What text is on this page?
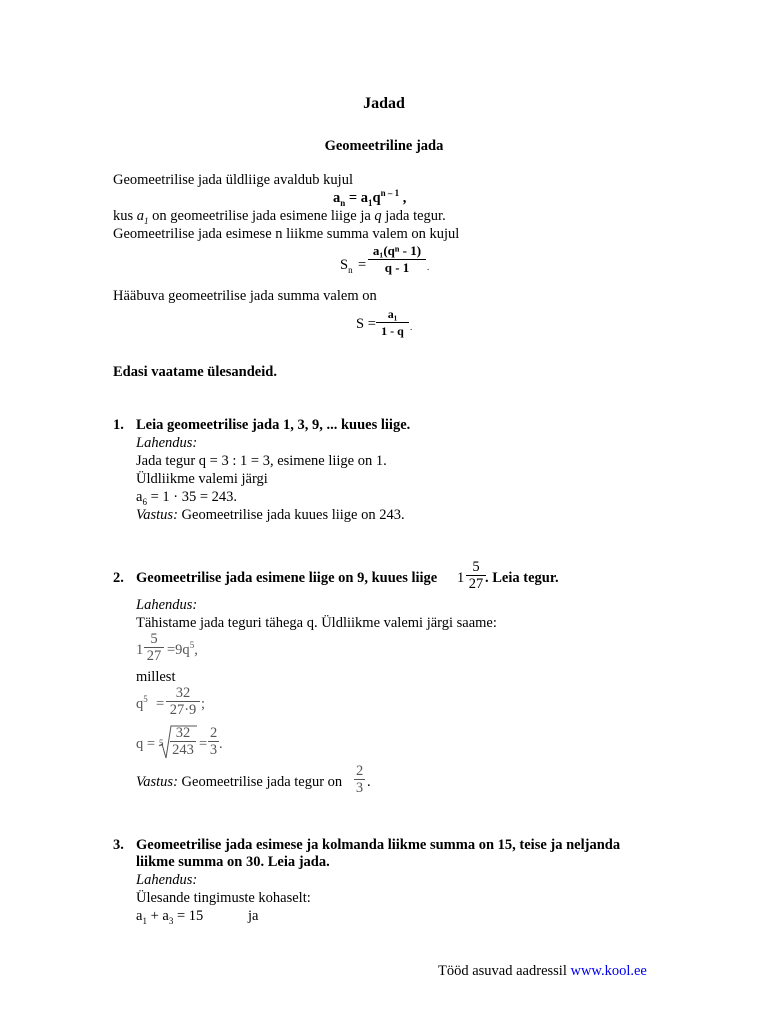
Jadad
Geomeetriline jada
Geomeetrilise jada üldliige avaldub kujul
$a_n = a_1q^{n - 1}$ ,
kus $a_1$ on geomeetrilise jada esimene liige ja q jada tegur.
Geomeetrilise jada esimese n liikme summa valem on kujul
$S_n = \frac{\text{a₁(qⁿ - 1)}}{q - 1}$ .
Hääbuva geomeetrilise jada summa valem on
$S = \frac{\text{a₁}}{1 - q}$ .
Edasi vaatame ülesandeid.
1. Leia geomeetrilise jada 1, 3, 9, ... kuues liige.
Lahendus:
Jada tegur q = 3 : 1 = 3, esimene liige on 1.
Üldliikme valemi järgi
$a_6 = 1 \cdot 35 = 243$.
Vastus: Geomeetrilise jada kuues liige on 243.
2. Geomeetrilise jada esimene liige on 9, kuues liige $1 \frac{5}{27}$ . Leia tegur.
Lahendus:
Tähistame jada teguri tähega q. Üldliikme valemi järgi saame:
$1 \frac{5}{27} =9q^5$,
millest
$q^5 = \frac{32}{27\cdot 9}$ ;
$q = 5 \frac{32}{243} = \frac{2}{3}$ .
Vastus: Geomeetrilise jada tegur on $\frac{2}{3}$ .
3. Geomeetrilise jada esimese ja kolmanda liikme summa on 15, teise ja neljanda
liikme summa on 30. Leia jada.
Lahendus:
Ülesande tingimuste kohaselt:
$a_1 + a_3 = 15$	ja
Tööd asuvad aadressil www.kool.ee
